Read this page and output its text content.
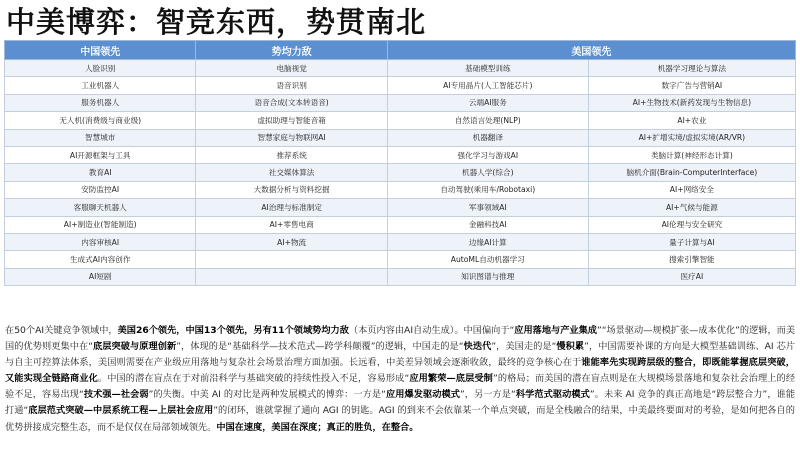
中美博弈：智竞东西，势贯南北
中国领先	势均力敌	美国领先	
人脸识别	电脑视觉	基础模型训练	机器学习理论与算法
工业机器人	语音识别	AI专用晶片(人工智能芯片)	数字广告与营销AI
服务机器人	语音合成(文本转语音)	云端AI服务	AI+生物技术(新药发现与生物信息)
无人机(消费级与商业级)	虚拟助理与智能音箱	自然语言处理(NLP)	AI+农业
智慧城市	智慧家庭与物联网AI	机器翻译	AI+扩增实境/虚拟实境(AR/VR)
AI开源框架与工具	推荐系统	强化学习与游戏AI	类脑计算(神经形态计算)
教育AI	社交媒体算法	机器人学(综合)	脑机介面(Brain-ComputerInterface)
安防监控AI	大数据分析与资料挖掘	自动驾驶(乘用车/Robotaxi)	AI+网络安全
客服聊天机器人	AI治理与标准制定	军事领域AI	AI+气候与能源
AI+制造业(智能制造)	AI+零售电商	金融科技AI	AI伦理与安全研究
内容审核AI	AI+物流	边缘AI计算	量子计算与AI
生成式AI内容创作		AutoML自动机器学习	搜索引擎智能
AI短剧		知识图谱与推理	医疗AI
在50个AI关键竞争领域中，美国26个领先，中国13个领先，另有11个领域势均力敌（本页内容由AI自动生成）。中国偏向于“应用落地与产业集成”“场景驱动—规模扩张—成本优化”的逻辑，而美国的优势则更集中在“底层突破与原理创新”，体现的是“基础科学—技术范式—跨学科颠覆”的逻辑，中国走的是“快迭代”，美国走的是“慢积累”，中国需要补课的方向是大模型基础训练、AI 芯片与自主可控算法体系，美国则需要在产业级应用落地与复杂社会场景治理方面加强。长远看，中美差异领域会逐渐收敛，最终的竞争核心在于谁能率先实现跨层级的整合，即既能掌握底层突破，又能实现全链路商业化。中国的潜在盲点在于对前沿科学与基础突破的持续性投入不足，容易形成“应用繁荣—底层受制”的格局；而美国的潜在盲点则是在大规模场景落地和复杂社会治理上的经验不足，容易出现“技术强—社会弱”的失衡。中美 AI 的对比是两种发展模式的博弈：一方是“应用爆发驱动模式”，另一方是“科学范式驱动模式”。未来 AI 竞争的真正高地是“跨层整合力”，谁能打通“底层范式突破—中层系统工程—上层社会应用”的闭环，谁就掌握了通向 AGI 的钥匙。AGI 的到来不会依靠某一个单点突破，而是全栈融合的结果，中美最终要面对的考验，是如何把各自的优势拼接成完整生态，而不是仅仅在局部领域领先。中国在速度，美国在深度；真正的胜负，在整合。
